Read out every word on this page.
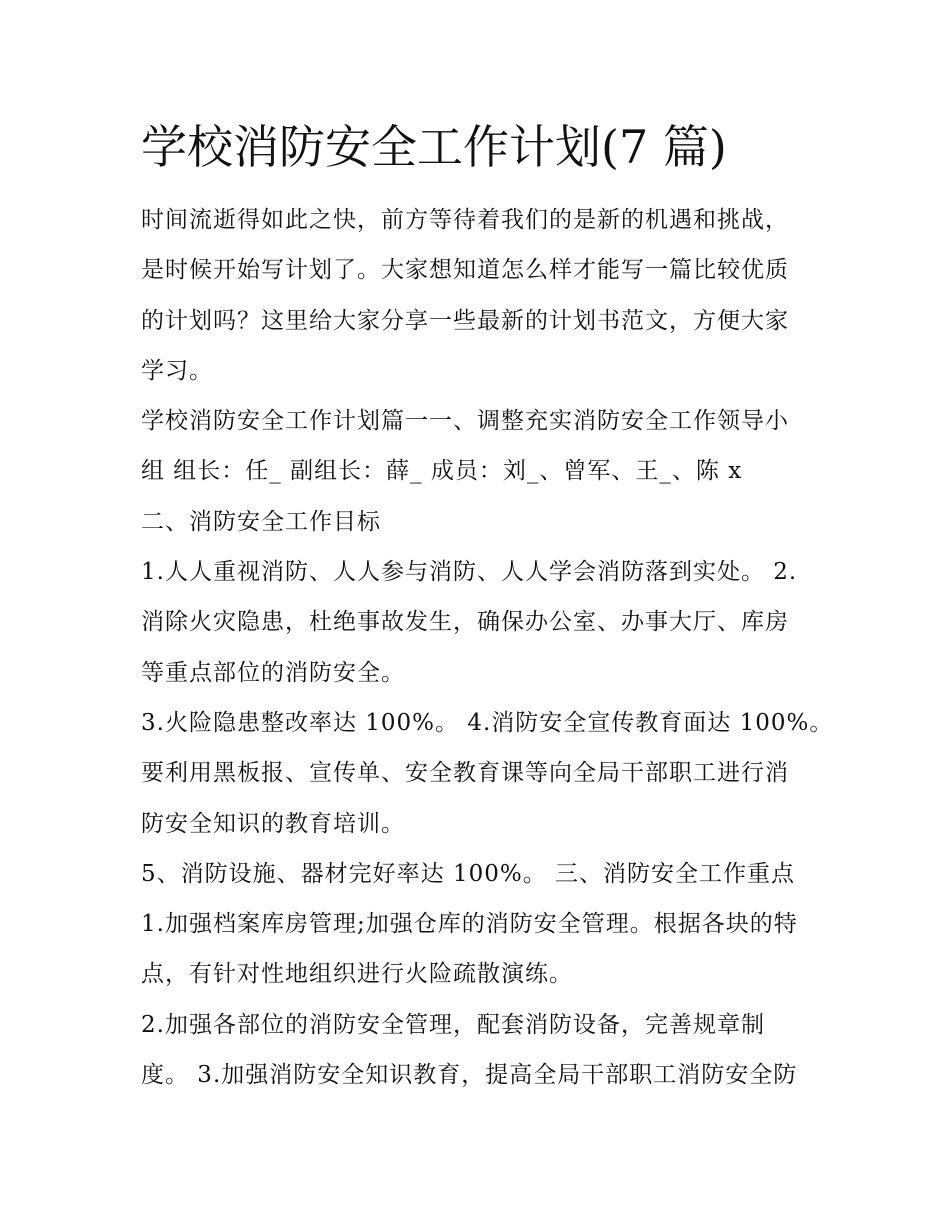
学校消防安全工作计划(7 篇)
时间流逝得如此之快，前方等待着我们的是新的机遇和挑战，
是时候开始写计划了。大家想知道怎么样才能写一篇比较优质
的计划吗？这里给大家分享一些最新的计划书范文，方便大家
学习。
学校消防安全工作计划篇一一、调整充实消防安全工作领导小
组 组长：任_ 副组长：薛_ 成员：刘_、曾军、王_、陈 x
二、消防安全工作目标
1.人人重视消防、人人参与消防、人人学会消防落到实处。 2.
消除火灾隐患，杜绝事故发生，确保办公室、办事大厅、库房
等重点部位的消防安全。
3.火险隐患整改率达 100%。 4.消防安全宣传教育面达 100%。
要利用黑板报、宣传单、安全教育课等向全局干部职工进行消
防安全知识的教育培训。
5、消防设施、器材完好率达 100%。 三、消防安全工作重点
1.加强档案库房管理;加强仓库的消防安全管理。根据各块的特
点，有针对性地组织进行火险疏散演练。
2.加强各部位的消防安全管理，配套消防设备，完善规章制
度。 3.加强消防安全知识教育，提高全局干部职工消防安全防
